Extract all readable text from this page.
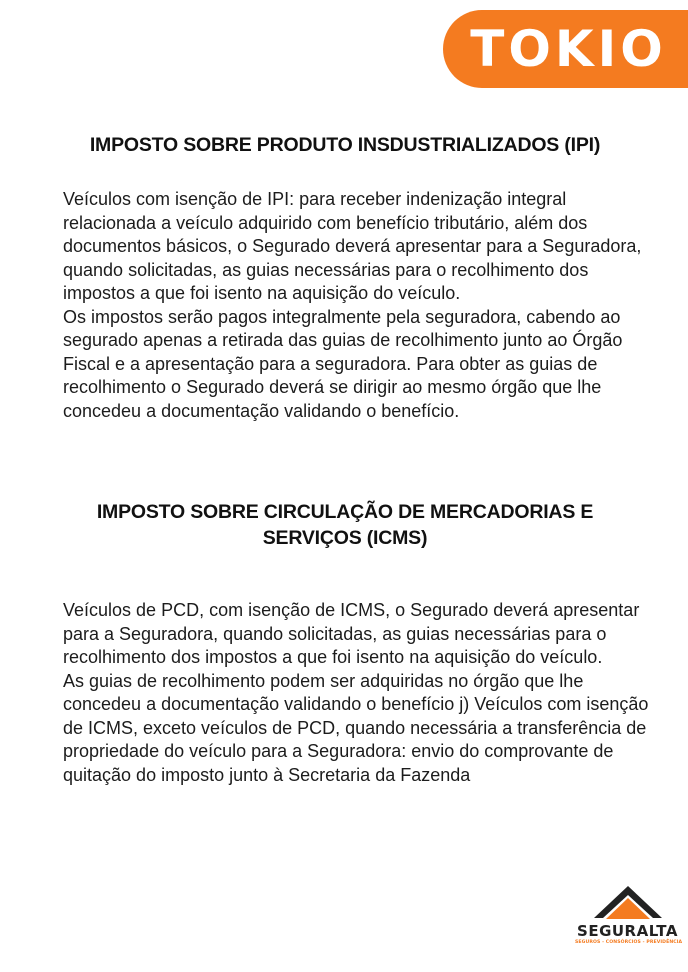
TOKIO
IMPOSTO SOBRE PRODUTO INSDUSTRIALIZADOS (IPI)

Veículos com isenção de IPI: para receber indenização integral relacionada a veículo adquirido com benefício tributário, além dos documentos básicos, o Segurado deverá apresentar para a Seguradora, quando solicitadas, as guias necessárias para o recolhimento dos impostos a que foi isento na aquisição do veículo.

Os impostos serão pagos integralmente pela seguradora, cabendo ao segurado apenas a retirada das guias de recolhimento junto ao Órgão Fiscal e a apresentação para a seguradora. Para obter as guias de recolhimento o Segurado deverá se dirigir ao mesmo órgão que lhe concedeu a documentação validando o benefício.

IMPOSTO SOBRE CIRCULAÇÃO DE MERCADORIAS E
SERVIÇOS (ICMS)

Veículos de PCD, com isenção de ICMS, o Segurado deverá apresentar para a Seguradora, quando solicitadas, as guias necessárias para o recolhimento dos impostos a que foi isento na aquisição do veículo.

As guias de recolhimento podem ser adquiridas no órgão que lhe concedeu a documentação validando o benefício j) Veículos com isenção de ICMS, exceto veículos de PCD, quando necessária a transferência de propriedade do veículo para a Seguradora: envio do comprovante de quitação do imposto junto à Secretaria da Fazenda

SEGURALTA
SEGUROS - CONSÓRCIOS - PREVIDÊNCIA
